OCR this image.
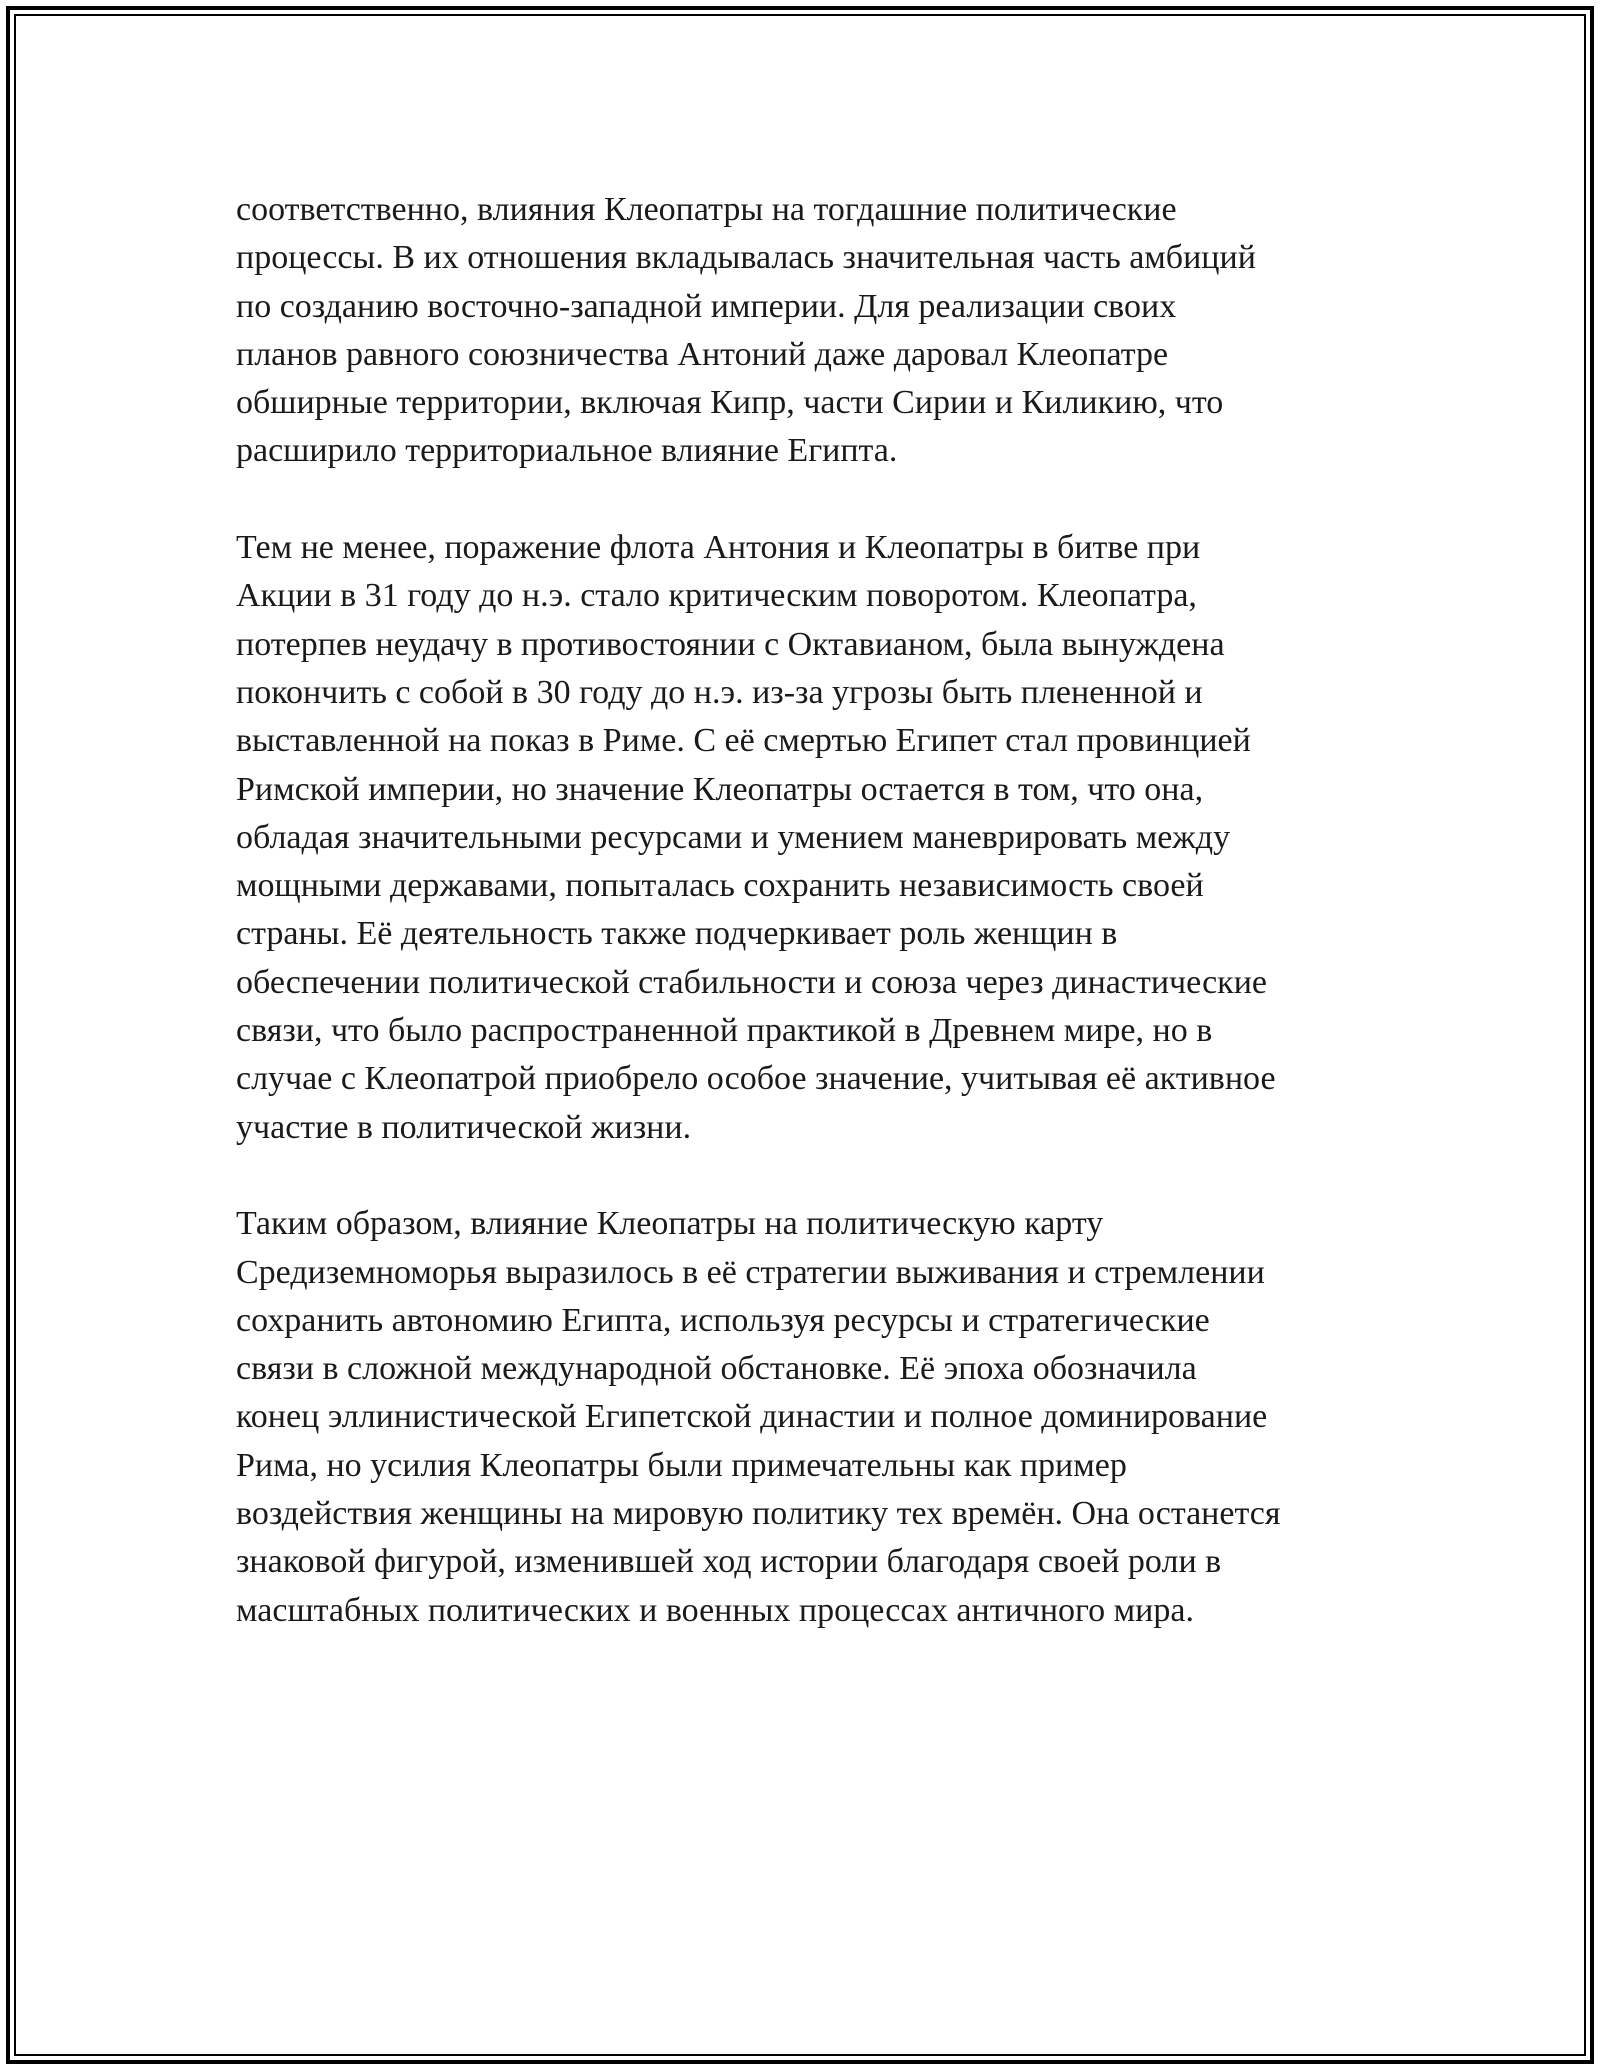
соответственно, влияния Клеопатры на тогдашние политические
процессы. В их отношения вкладывалась значительная часть амбиций
по созданию восточно-западной империи. Для реализации своих
планов равного союзничества Антоний даже даровал Клеопатре
обширные территории, включая Кипр, части Сирии и Киликию, что
расширило территориальное влияние Египта.

Тем не менее, поражение флота Антония и Клеопатры в битве при
Акции в 31 году до н.э. стало критическим поворотом. Клеопатра,
потерпев неудачу в противостоянии с Октавианом, была вынуждена
покончить с собой в 30 году до н.э. из-за угрозы быть плененной и
выставленной на показ в Риме. С её смертью Египет стал провинцией
Римской империи, но значение Клеопатры остается в том, что она,
обладая значительными ресурсами и умением маневрировать между
мощными державами, попыталась сохранить независимость своей
страны. Её деятельность также подчеркивает роль женщин в
обеспечении политической стабильности и союза через династические
связи, что было распространенной практикой в Древнем мире, но в
случае с Клеопатрой приобрело особое значение, учитывая её активное
участие в политической жизни.

Таким образом, влияние Клеопатры на политическую карту
Средиземноморья выразилось в её стратегии выживания и стремлении
сохранить автономию Египта, используя ресурсы и стратегические
связи в сложной международной обстановке. Её эпоха обозначила
конец эллинистической Египетской династии и полное доминирование
Рима, но усилия Клеопатры были примечательны как пример
воздействия женщины на мировую политику тех времён. Она останется
знаковой фигурой, изменившей ход истории благодаря своей роли в
масштабных политических и военных процессах античного мира.
